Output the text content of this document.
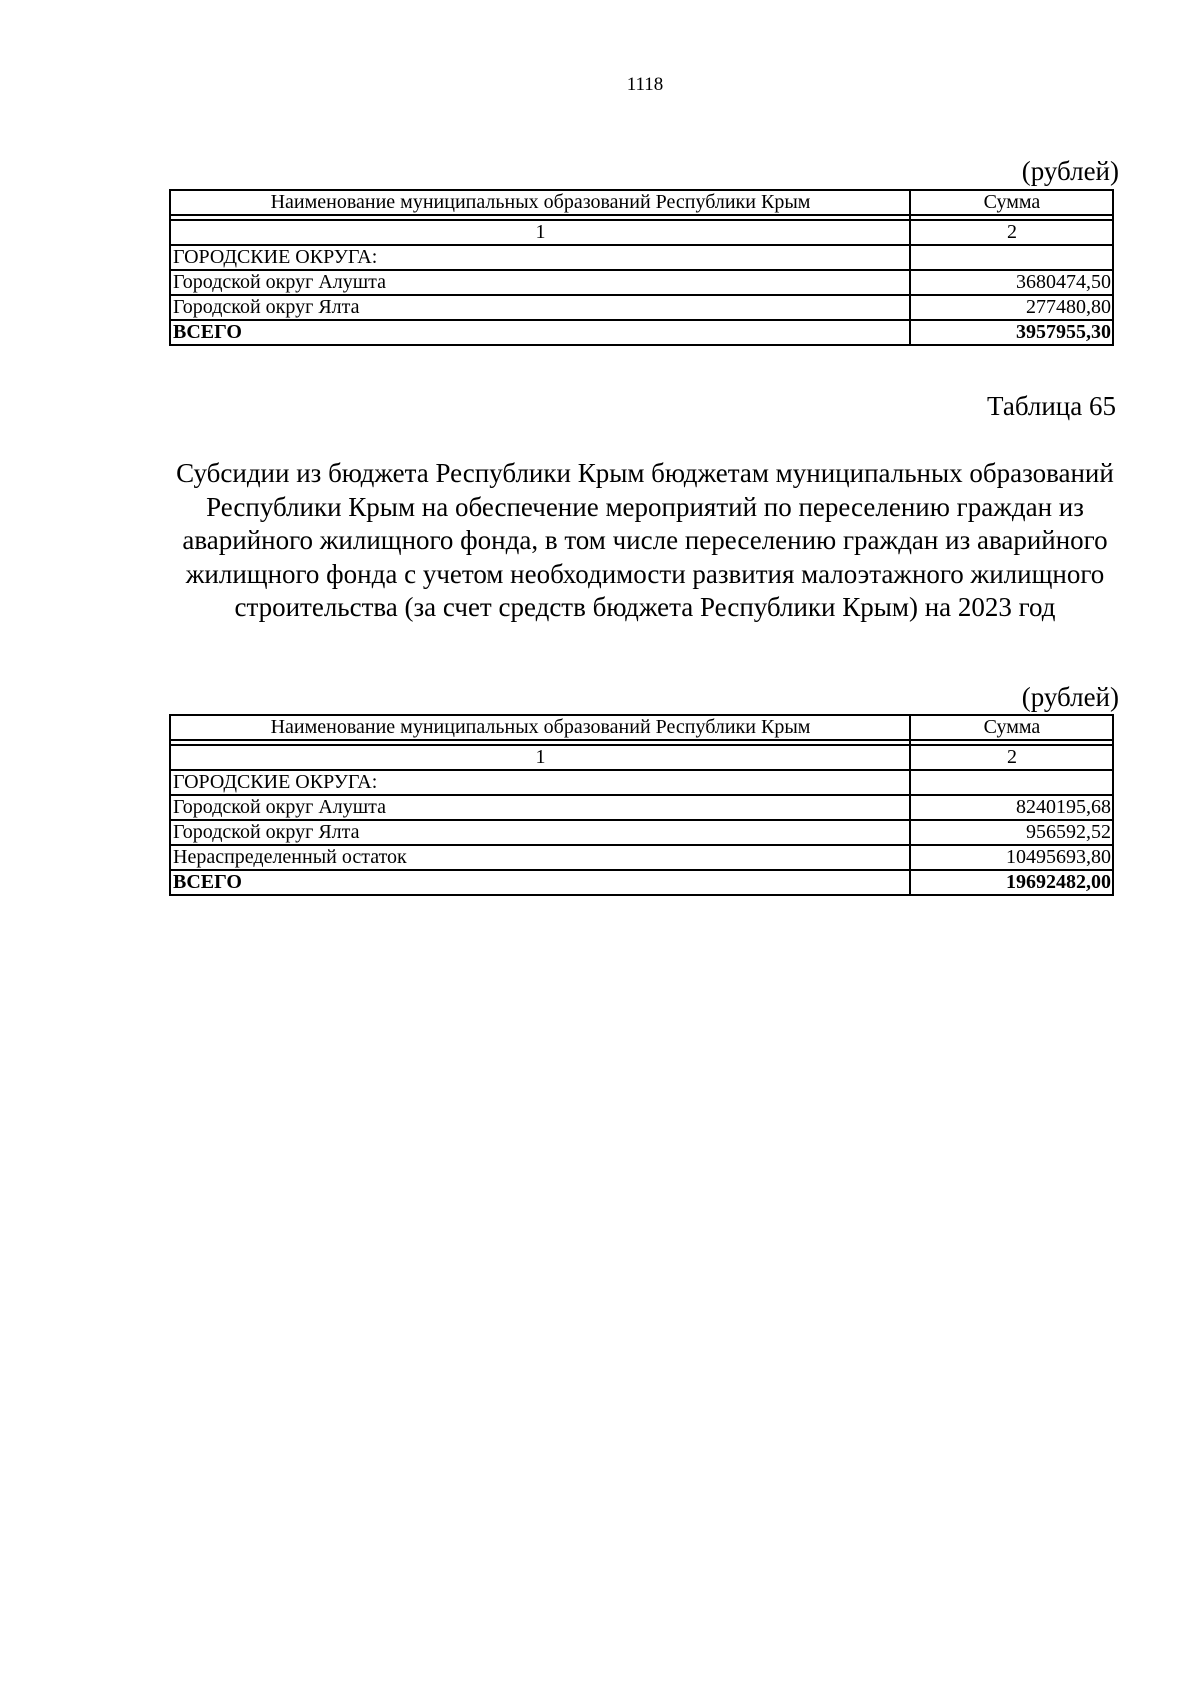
1118
(рублей)
Наименование муниципальных образований Республики Крым	Сумма

1	2
ГОРОДСКИЕ ОКРУГА:	
Городской округ Алушта	3680474,50
Городской округ Ялта	277480,80
ВСЕГО	3957955,30
Таблица 65
Субсидии из бюджета Республики Крым бюджетам муниципальных образований Республики Крым на обеспечение мероприятий по переселению граждан из аварийного жилищного фонда, в том числе переселению граждан из аварийного жилищного фонда с учетом необходимости развития малоэтажного жилищного строительства (за счет средств бюджета Республики Крым) на 2023 год
(рублей)
Наименование муниципальных образований Республики Крым	Сумма

1	2
ГОРОДСКИЕ ОКРУГА:	
Городской округ Алушта	8240195,68
Городской округ Ялта	956592,52
Нераспределенный остаток	10495693,80
ВСЕГО	19692482,00
